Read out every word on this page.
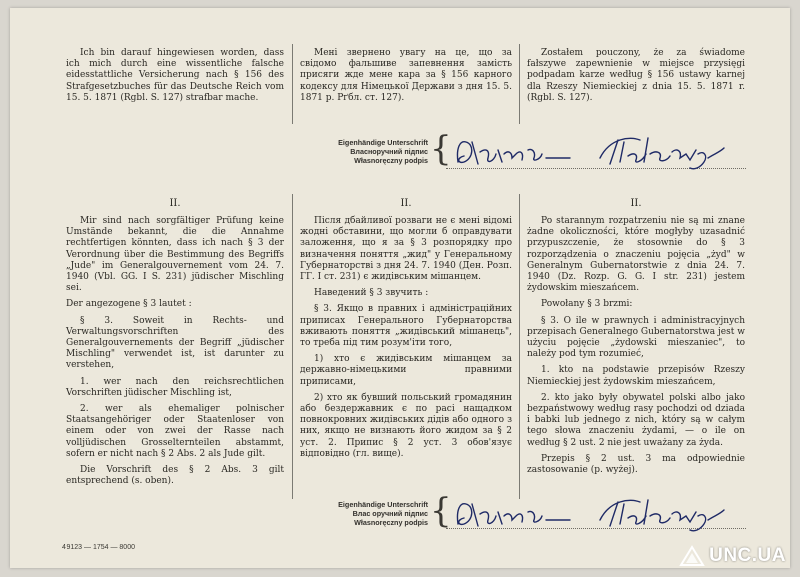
Ich bin darauf hingewiesen worden, dass ich mich durch eine wissentliche falsche eidesstattliche Versicherung nach § 156 des Strafgesetzbuches für das Deutsche Reich vom 15. 5. 1871 (Rgbl. S. 127) strafbar mache.

Мені звернено увагу на це, що за свідомо фальшиве запевнення замість присяги жде мене кара за § 156 карного кодексу для Німецької Держави з дня 15. 5. 1871 р. Рґбл. ст. 127).

Zostałem pouczony, że za świadome fałszywe zapewnienie w miejsce przysięgi podpadam karze według § 156 ustawy karnej dla Rzeszy Niemieckiej z dnia 15. 5. 1871 r. (Rgbl. S. 127).

Eigenhändige Unterschrift
Власноручний підпис
Własnoręczny podpis {

II.	II.	II.

Mir sind nach sorgfältiger Prüfung keine Umstände bekannt, die die Annahme rechtfertigen könnten, dass ich nach § 3 der Verordnung über die Bestimmung des Begriffs „Jude" im Generalgouvernement vom 24. 7. 1940 (Vbl. GG. I S. 231) jüdischer Mischling sei.

Der angezogene § 3 lautet :

§ 3. Soweit in Rechts- und Verwaltungsvorschriften des Generalgouvernements der Begriff „jüdischer Mischling" verwendet ist, ist darunter zu verstehen,

1. wer nach den reichsrechtlichen Vorschriften jüdischer Mischling ist,

2. wer als ehemaliger polnischer Staatsangehöriger oder Staatenloser von einem oder von zwei der Rasse nach volljüdischen Grosselternteilen abstammt, sofern er nicht nach § 2 Abs. 2 als Jude gilt.

Die Vorschrift des § 2 Abs. 3 gilt entsprechend (s. oben).

Після дбайливої розваги не є мені відомі жодні обставини, що могли б оправдувати заложення, що я за § 3 розпорядку про визначення поняття „жид" у Генеральному Губернаторстві з дня 24. 7. 1940 (Ден. Розп. ГГ. І ст. 231) є жидівським мішанцем.

Наведений § 3 звучить :

§ 3. Якщо в правних і адміністраційних приписах Генерального Губернаторства вживають поняття „жидівський мішанець", то треба під тим розум'іти того,

1) хто є жидівським мішанцем за державно-німецькими правними приписами,

2) хто як бувший польський громадянин або бездержавник є по расі нащадком повнокровних жидівських дідів або одного з них, якщо не визнають його жидом за § 2 уст. 2. Припис § 2 уст. 3 обов'язує відповідно (гл. вище).

Po starannym rozpatrzeniu nie są mi znane żadne okoliczności, które mogłyby uzasadnić przypuszczenie, że stosownie do § 3 rozporządzenia o znaczeniu pojęcia „żyd" w Generalnym Gubernatorstwie z dnia 24. 7. 1940 (Dz. Rozp. G. G. I str. 231) jestem żydowskim mieszańcem.

Powołany § 3 brzmi:

§ 3. O ile w prawnych i administracyjnych przepisach Generalnego Gubernatorstwa jest w użyciu pojęcie „żydowski mieszaniec", to należy pod tym rozumieć,

1. kto na podstawie przepisów Rzeszy Niemieckiej jest żydowskim mieszańcem,

2. kto jako były obywatel polski albo jako bezpaństwowy według rasy pochodzi od dziada i babki lub jednego z nich, który są w całym tego słowa znaczeniu żydami, — o ile on według § 2 ust. 2 nie jest uważany za żyda.

Przepis § 2 ust. 3 ma odpowiednie zastosowanie (p. wyżej).

Eigenhändige Unterschrift
Влас оручний підпис
Własnoręczny podpis {
4 9123 — 1754 — 8000	UNC.UA
